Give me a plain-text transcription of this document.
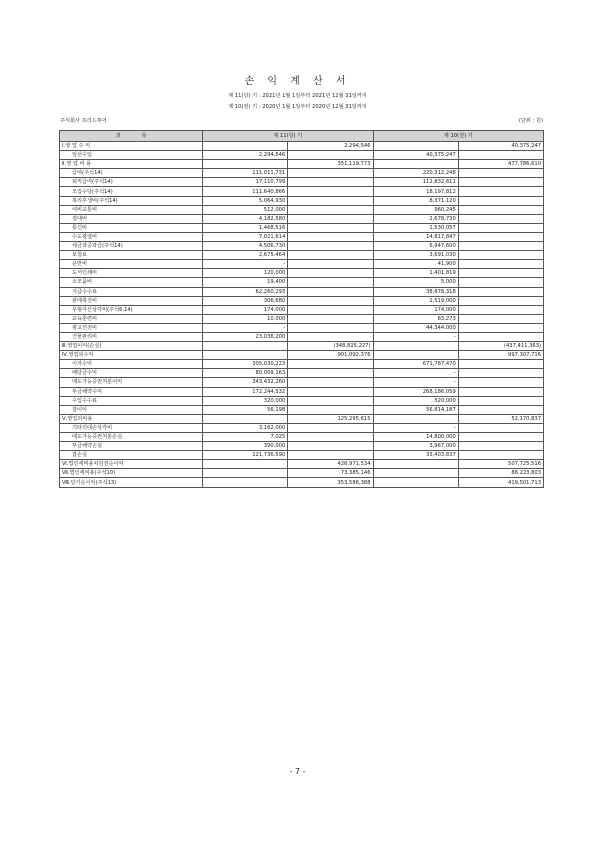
손 익 계 산 서
제 11(당) 기 : 2021년 1월 1일부터 2021년 12월 31일까지
제 10(전) 기 : 2020년 1월 1일부터 2020년 12월 31일까지
주식회사 프리드투어	(단위 : 원)
과　　　　목	제 11(당) 기		제 10(전) 기	
Ⅰ.영 업 수 익		2,294,546		40,375,247
일선수입	2,294,546		40,375,247	
Ⅱ.영 업 비 용		351,119,773		477,786,610
급여(주석14)	111,011,731		220,312,248	
퇴직급여(주석14)	17,110,799		112,832,611	
모집수당(주석14)	111,640,866		18,197,812	
복리후생비(주석14)	5,064,930		8,371,120	
여비교통비	512,000		960,245	
접대비	4,182,580		2,678,730	
통신비	1,468,516		1,530,057	
수도광열비	7,021,614		14,817,847	
세금과공과금(주석14)	4,506,730		6,947,600	
보험료	2,675,464		3,691,030	
운반비	-		41,900	
도서인쇄비	120,000		1,401,819	
소모품비	19,400		5,000	
지급수수료	62,260,293		38,878,318	
판매촉진비	306,680		2,519,000	
무형자산상각비(주석6,14)	174,000		174,000	
교육훈련비	10,000		83,273	
광고선전비	-		44,344,000	
건물관리비	23,036,200		-	
Ⅲ.영업이익(손실)		(348,825,227)		(437,411,363)
Ⅳ.영업외수익		901,092,376		997,307,716
이자수익	305,030,223		671,787,470	
배당금수익	80,009,163		-	
매도가능증권처분이익	343,432,260		-	
부금해약수익	172,244,532		268,186,059	
수입수수료	320,000		520,000	
잡이익	56,198		56,814,187	
Ⅴ.영업외비용		125,295,615		52,170,837
기타의대손상각비	3,162,000		-	
매도가능증권처분손실	7,025		14,800,000	
부금해약손실	390,000		3,967,000	
잡손실	121,736,590		33,403,837	
Ⅵ.법인세비용차감전순이익		426,971,534		507,725,516
Ⅶ.법인세비용(주석10)		73,385,146		88,223,803
Ⅷ.당기순이익(주석13)		353,586,388		419,501,713
- 7 -
